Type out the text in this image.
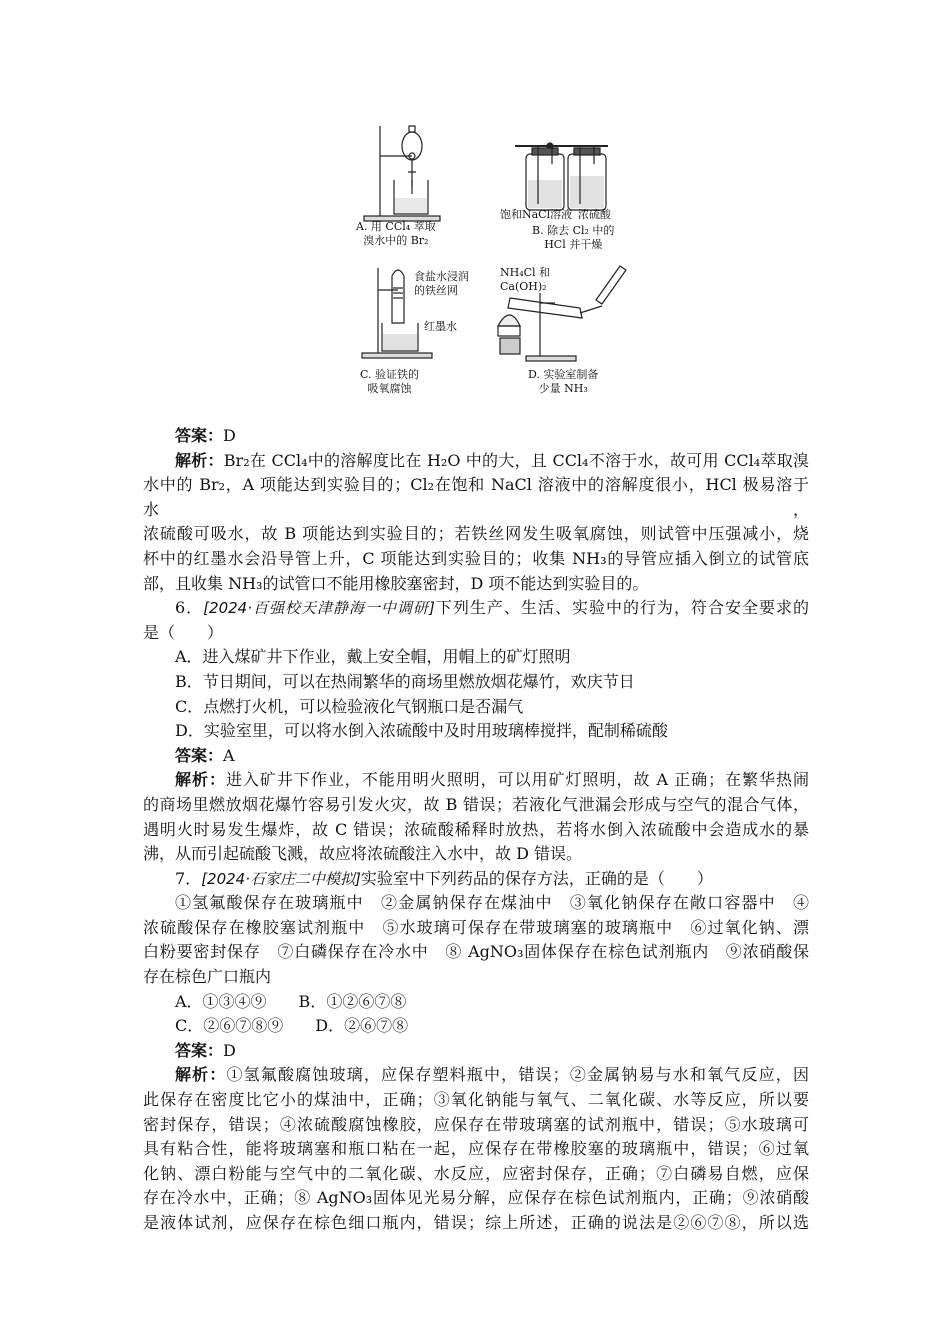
A. 用 CCl₄ 萃取
溴水中的 Br₂
饱和NaCl溶液 浓硫酸
B. 除去 Cl₂ 中的
HCl 并干燥
食盐水浸润
的铁丝网
红墨水
C. 验证铁的
吸氧腐蚀
NH₄Cl 和
Ca(OH)₂
D. 实验室制备
少量 NH₃

答案：D

解析：Br₂在 CCl₄中的溶解度比在 H₂O 中的大，且 CCl₄不溶于水，故可用 CCl₄萃取溴

水中的 Br₂，A 项能达到实验目的；Cl₂在饱和 NaCl 溶液中的溶解度很小，HCl 极易溶于水，

浓硫酸可吸水，故 B 项能达到实验目的；若铁丝网发生吸氧腐蚀，则试管中压强减小，烧

杯中的红墨水会沿导管上升，C 项能达到实验目的；收集 NH₃的导管应插入倒立的试管底

部，且收集 NH₃的试管口不能用橡胶塞密封，D 项不能达到实验目的。

6．[2024·百强校天津静海一中调研]下列生产、生活、实验中的行为，符合安全要求的

是（　　）

A．进入煤矿井下作业，戴上安全帽，用帽上的矿灯照明

B．节日期间，可以在热闹繁华的商场里燃放烟花爆竹，欢庆节日

C．点燃打火机，可以检验液化气钢瓶口是否漏气

D．实验室里，可以将水倒入浓硫酸中及时用玻璃棒搅拌，配制稀硫酸

答案：A

解析：进入矿井下作业，不能用明火照明，可以用矿灯照明，故 A 正确；在繁华热闹

的商场里燃放烟花爆竹容易引发火灾，故 B 错误；若液化气泄漏会形成与空气的混合气体，

遇明火时易发生爆炸，故 C 错误；浓硫酸稀释时放热，若将水倒入浓硫酸中会造成水的暴

沸，从而引起硫酸飞溅，故应将浓硫酸注入水中，故 D 错误。

7．[2024·石家庄二中模拟]实验室中下列药品的保存方法，正确的是（　　）

①氢氟酸保存在玻璃瓶中　②金属钠保存在煤油中　③氧化钠保存在敞口容器中　④

浓硫酸保存在橡胶塞试剂瓶中　⑤水玻璃可保存在带玻璃塞的玻璃瓶中　⑥过氧化钠、漂

白粉要密封保存　⑦白磷保存在冷水中　⑧ AgNO₃固体保存在棕色试剂瓶内　⑨浓硝酸保

存在棕色广口瓶内

A．①③④⑨　　B．①②⑥⑦⑧

C．②⑥⑦⑧⑨　　D．②⑥⑦⑧

答案：D

解析：①氢氟酸腐蚀玻璃，应保存塑料瓶中，错误；②金属钠易与水和氧气反应，因

此保存在密度比它小的煤油中，正确；③氧化钠能与氧气、二氧化碳、水等反应，所以要

密封保存，错误；④浓硫酸腐蚀橡胶，应保存在带玻璃塞的试剂瓶中，错误；⑤水玻璃可

具有粘合性，能将玻璃塞和瓶口粘在一起，应保存在带橡胶塞的玻璃瓶中，错误；⑥过氧

化钠、漂白粉能与空气中的二氧化碳、水反应，应密封保存，正确；⑦白磷易自燃，应保

存在冷水中，正确；⑧ AgNO₃固体见光易分解，应保存在棕色试剂瓶内，正确；⑨浓硝酸

是液体试剂，应保存在棕色细口瓶内，错误；综上所述，正确的说法是②⑥⑦⑧，所以选
